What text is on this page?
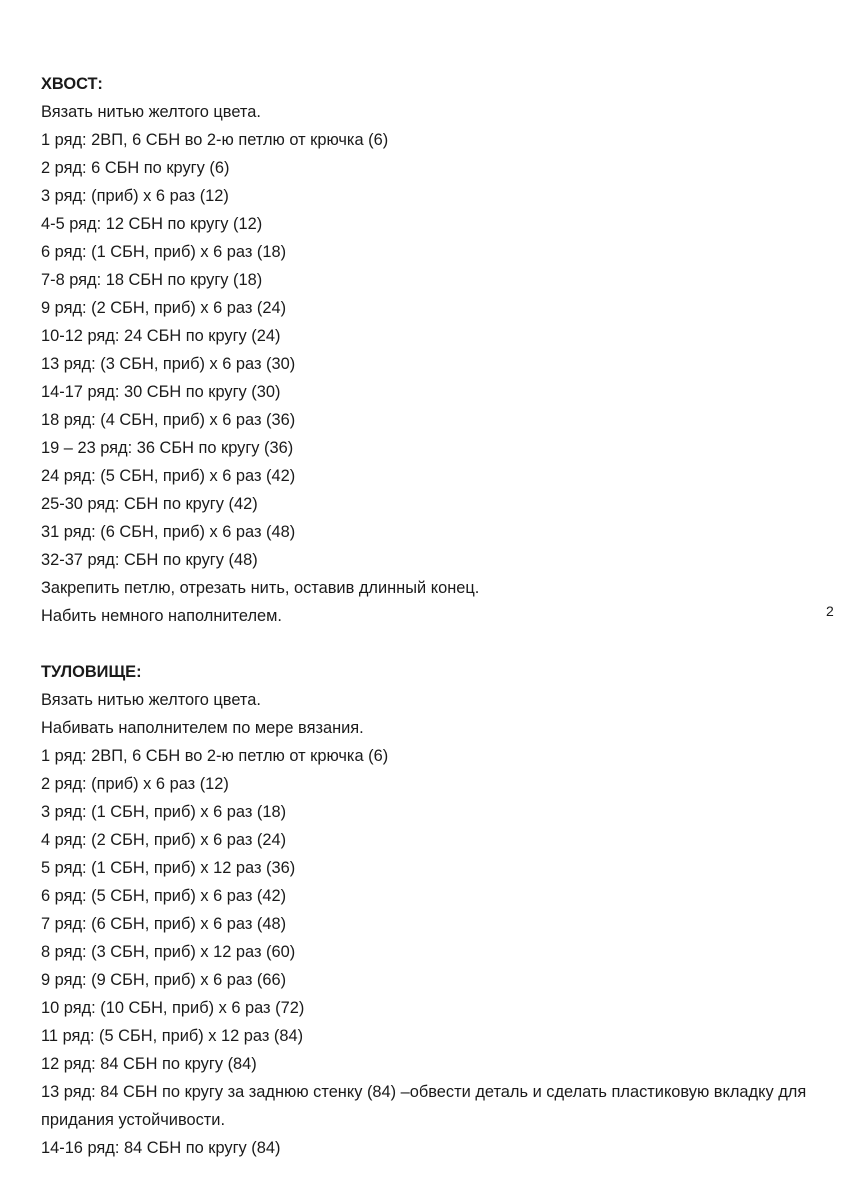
ХВОСТ:
Вязать нитью желтого цвета.
1 ряд: 2ВП, 6 СБН во 2-ю петлю от крючка (6)
2 ряд: 6 СБН по кругу (6)
3 ряд: (приб) х 6 раз (12)
4-5 ряд: 12 СБН по кругу (12)
6 ряд: (1 СБН, приб) х 6 раз (18)
7-8 ряд: 18 СБН по кругу (18)
9 ряд: (2 СБН, приб) х 6 раз (24)
10-12 ряд: 24 СБН по кругу (24)
13 ряд: (3 СБН, приб) х 6 раз (30)
14-17 ряд: 30 СБН по кругу (30)
18 ряд: (4 СБН, приб) х 6 раз (36)
19 – 23 ряд: 36 СБН по кругу (36)
24 ряд: (5 СБН, приб) х 6 раз (42)
25-30 ряд: СБН по кругу (42)
31 ряд: (6 СБН, приб) х 6 раз (48)
32-37 ряд: СБН по кругу (48)
Закрепить петлю, отрезать нить, оставив длинный конец.
Набить немного наполнителем.	2
ТУЛОВИЩЕ:
Вязать нитью желтого цвета.
Набивать наполнителем по мере вязания.
1 ряд: 2ВП, 6 СБН во 2-ю петлю от крючка (6)
2 ряд: (приб) х 6 раз (12)
3 ряд: (1 СБН, приб) х 6 раз (18)
4 ряд: (2 СБН, приб) х 6 раз (24)
5 ряд: (1 СБН, приб) х 12 раз (36)
6 ряд: (5 СБН, приб) х 6 раз (42)
7 ряд: (6 СБН, приб) х 6 раз (48)
8 ряд: (3 СБН, приб) х 12 раз (60)
9 ряд: (9 СБН, приб) х 6 раз (66)
10 ряд: (10 СБН, приб) х 6 раз (72)
11 ряд: (5 СБН, приб) х 12 раз (84)
12 ряд: 84 СБН по кругу (84)
13 ряд: 84 СБН по кругу за заднюю стенку (84) –обвести деталь и сделать пластиковую вкладку для придания устойчивости.
14-16 ряд: 84 СБН по кругу (84)
